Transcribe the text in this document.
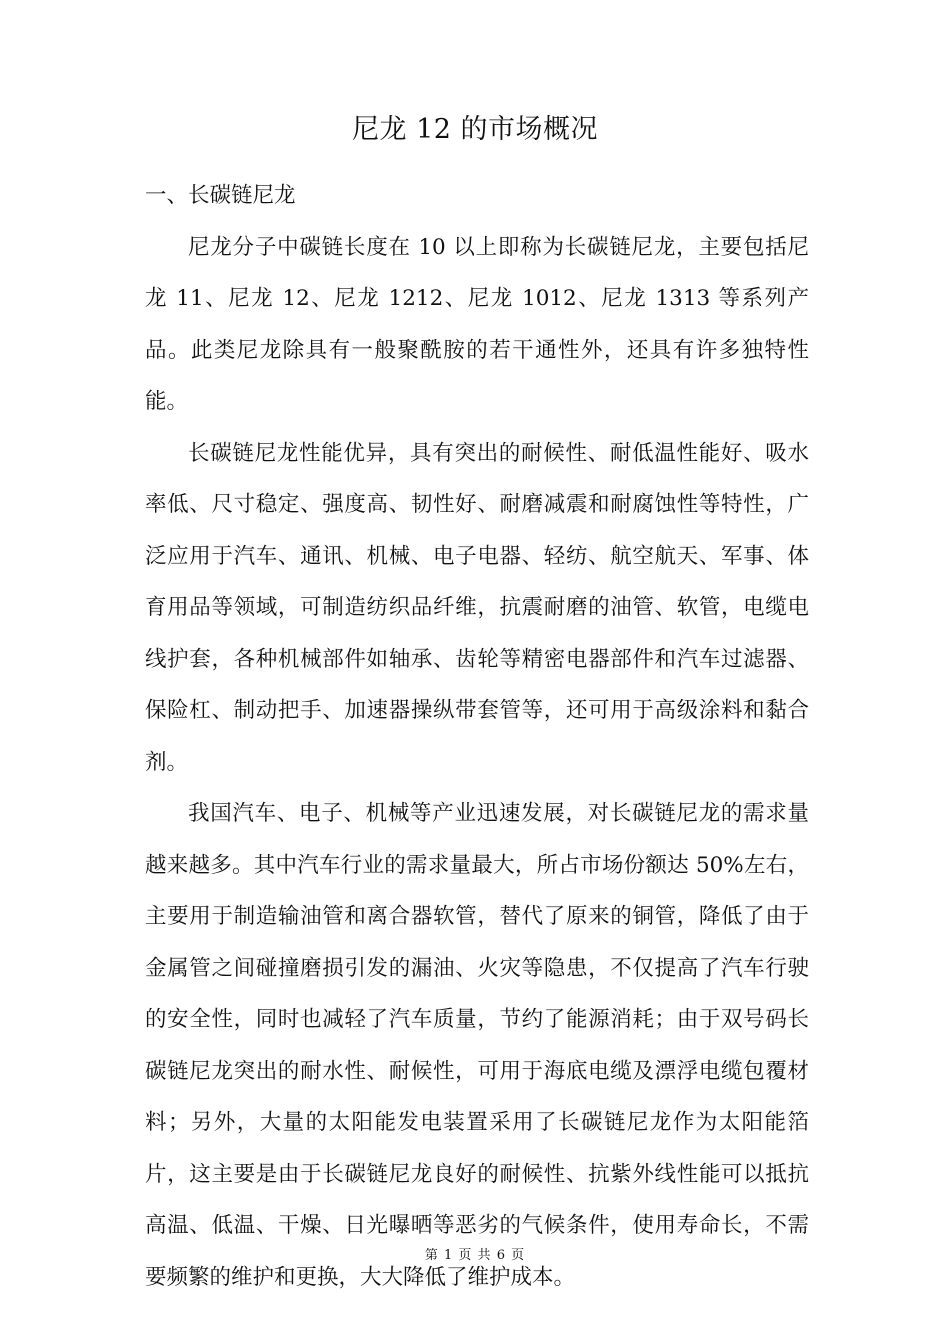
尼龙 12 的市场概况

一、长碳链尼龙

尼龙分子中碳链长度在 10 以上即称为长碳链尼龙，主要包括尼龙 11、尼龙 12、尼龙 1212、尼龙 1012、尼龙 1313 等系列产品。此类尼龙除具有一般聚酰胺的若干通性外，还具有许多独特性能。

长碳链尼龙性能优异，具有突出的耐候性、耐低温性能好、吸水率低、尺寸稳定、强度高、韧性好、耐磨减震和耐腐蚀性等特性，广泛应用于汽车、通讯、机械、电子电器、轻纺、航空航天、军事、体育用品等领域，可制造纺织品纤维，抗震耐磨的油管、软管，电缆电线护套，各种机械部件如轴承、齿轮等精密电器部件和汽车过滤器、保险杠、制动把手、加速器操纵带套管等，还可用于高级涂料和黏合剂。

我国汽车、电子、机械等产业迅速发展，对长碳链尼龙的需求量越来越多。其中汽车行业的需求量最大，所占市场份额达 50%左右，主要用于制造输油管和离合器软管，替代了原来的铜管，降低了由于金属管之间碰撞磨损引发的漏油、火灾等隐患，不仅提高了汽车行驶的安全性，同时也减轻了汽车质量，节约了能源消耗；由于双号码长碳链尼龙突出的耐水性、耐候性，可用于海底电缆及漂浮电缆包覆材料；另外，大量的太阳能发电装置采用了长碳链尼龙作为太阳能箔片，这主要是由于长碳链尼龙良好的耐候性、抗紫外线性能可以抵抗高温、低温、干燥、日光曝晒等恶劣的气候条件，使用寿命长，不需要频繁的维护和更换，大大降低了维护成本。

第 1 页 共 6 页
